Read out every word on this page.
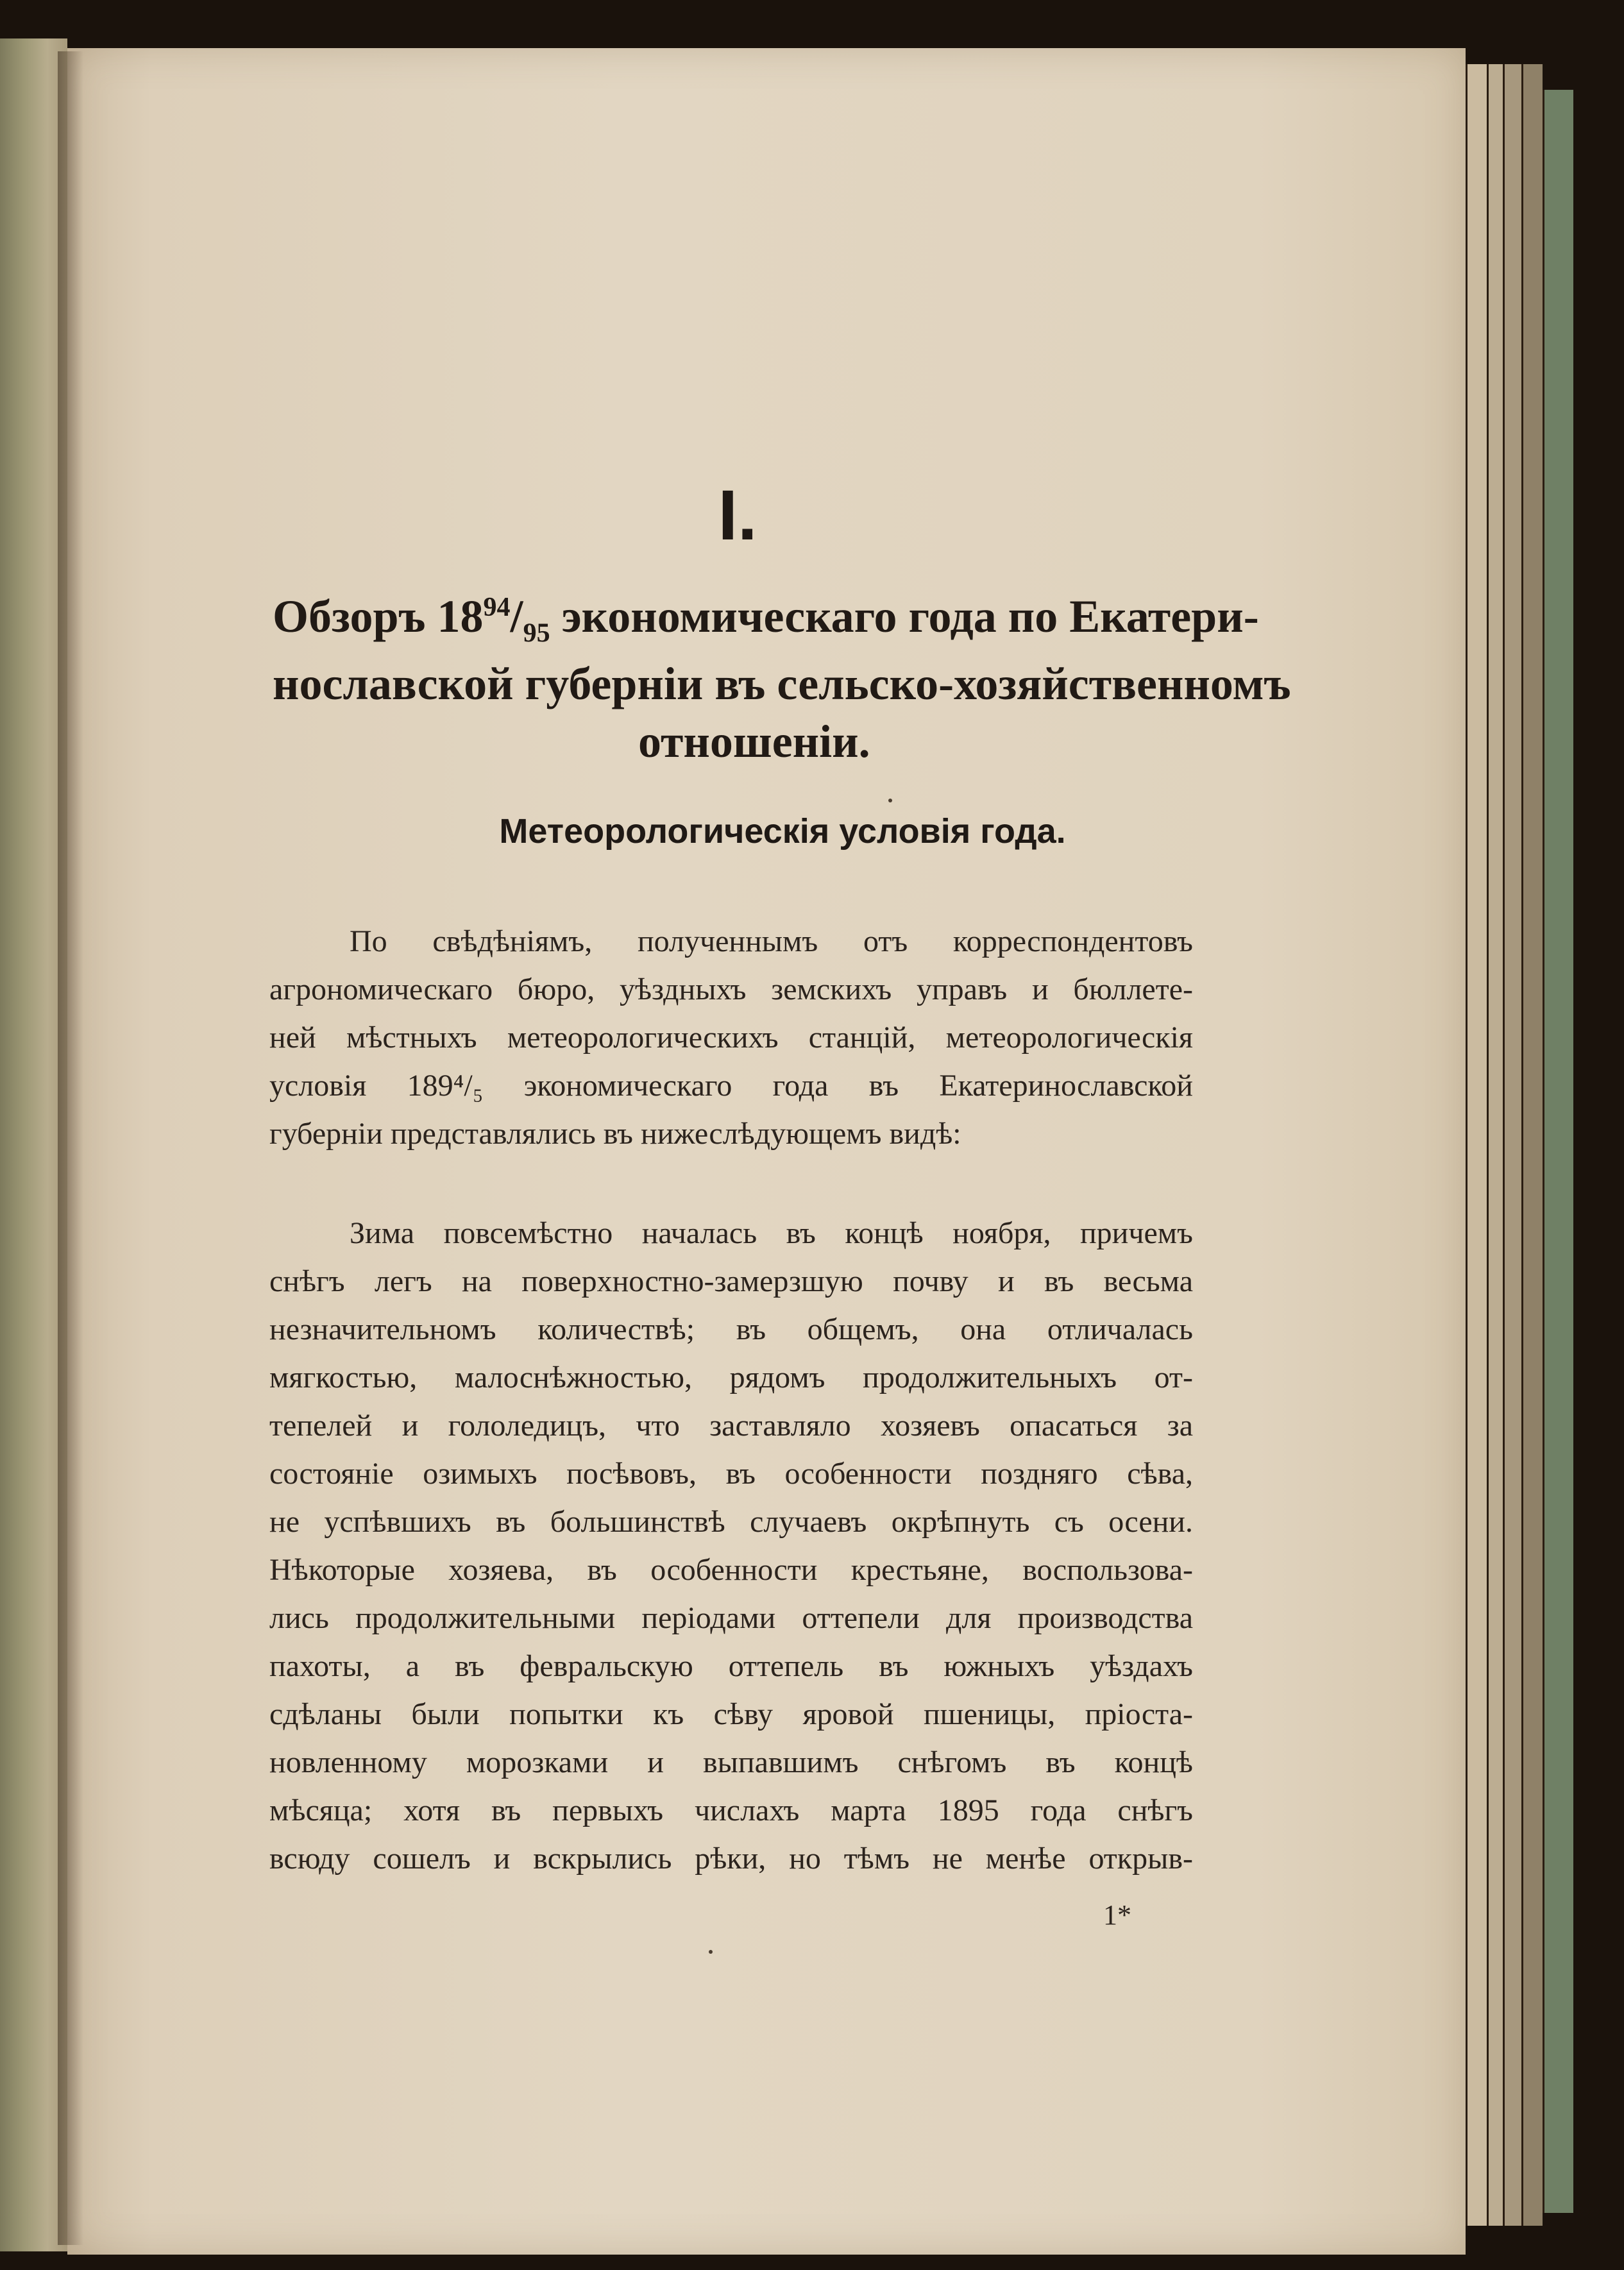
I.
Обзоръ $18^{94}/_{95}$ экономическаго года по Екатери-
нославской губерніи въ сельско-хозяйственномъ
отношеніи.
Метеорологическія условія года.
По свѣдѣніямъ, полученнымъ отъ корреспондентовъ
агрономическаго бюро, уѣздныхъ земскихъ управъ и бюллете-
ней мѣстныхъ метеорологическихъ станцій, метеорологическія
условія 189⁴/₅ экономическаго года въ Екатеринославской
губерніи представлялись въ нижеслѣдующемъ видѣ:
Зима повсемѣстно началась въ концѣ ноября, причемъ
снѣгъ легъ на поверхностно-замерзшую почву и въ весьма
незначительномъ количествѣ; въ общемъ, она отличалась
мягкостью, малоснѣжностью, рядомъ продолжительныхъ от-
тепелей и гололедицъ, что заставляло хозяевъ опасаться за
состояніе озимыхъ посѣвовъ, въ особенности поздняго сѣва,
не успѣвшихъ въ большинствѣ случаевъ окрѣпнуть съ осени.
Нѣкоторые хозяева, въ особенности крестьяне, воспользова-
лись продолжительными періодами оттепели для производства
пахоты, а въ февральскую оттепель въ южныхъ уѣздахъ
сдѣланы были попытки къ сѣву яровой пшеницы, пріоста-
новленному морозками и выпавшимъ снѣгомъ въ концѣ
мѣсяца; хотя въ первыхъ числахъ марта 1895 года снѣгъ
всюду сошелъ и вскрылись рѣки, но тѣмъ не менѣе открыв-
1*
